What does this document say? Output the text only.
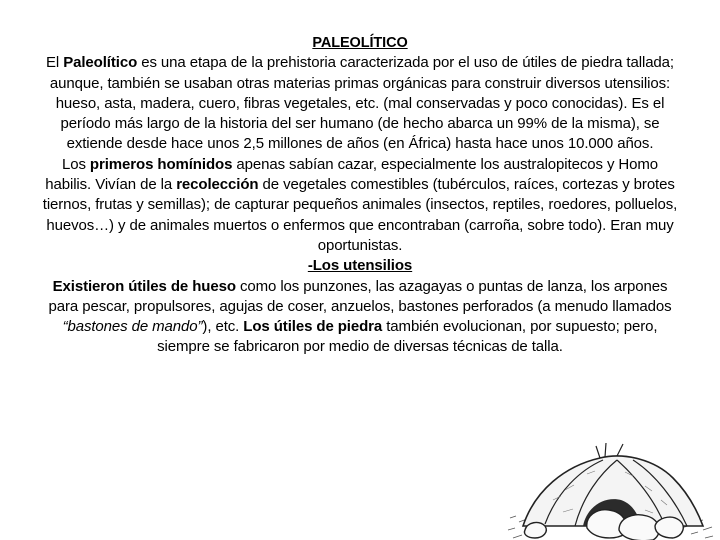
PALEOLÍTICO

El Paleolítico es una etapa de la prehistoria caracterizada por el uso de útiles de piedra tallada; aunque, también se usaban otras materias primas orgánicas para construir diversos utensilios: hueso, asta, madera, cuero, fibras vegetales, etc. (mal conservadas y poco conocidas). Es el período más largo de la historia del ser humano (de hecho abarca un 99% de la misma), se extiende desde hace unos 2,5 millones de años (en África) hasta hace unos 10.000 años.

Los primeros homínidos apenas sabían cazar, especialmente los australopitecos y Homo habilis. Vivían de la recolección de vegetales comestibles (tubérculos, raíces, cortezas y brotes tiernos, frutas y semillas); de capturar pequeños animales (insectos, reptiles, roedores, polluelos, huevos…) y de animales muertos o enfermos que encontraban (carroña, sobre todo). Eran muy oportunistas.

-Los utensilios

Existieron útiles de hueso como los punzones, las azagayas o puntas de lanza, los arpones para pescar, propulsores, agujas de coser, anzuelos, bastones perforados (a menudo llamados “bastones de mando”), etc. Los útiles de piedra también evolucionan, por supuesto; pero, siempre se fabricaron por medio de diversas técnicas de talla.
